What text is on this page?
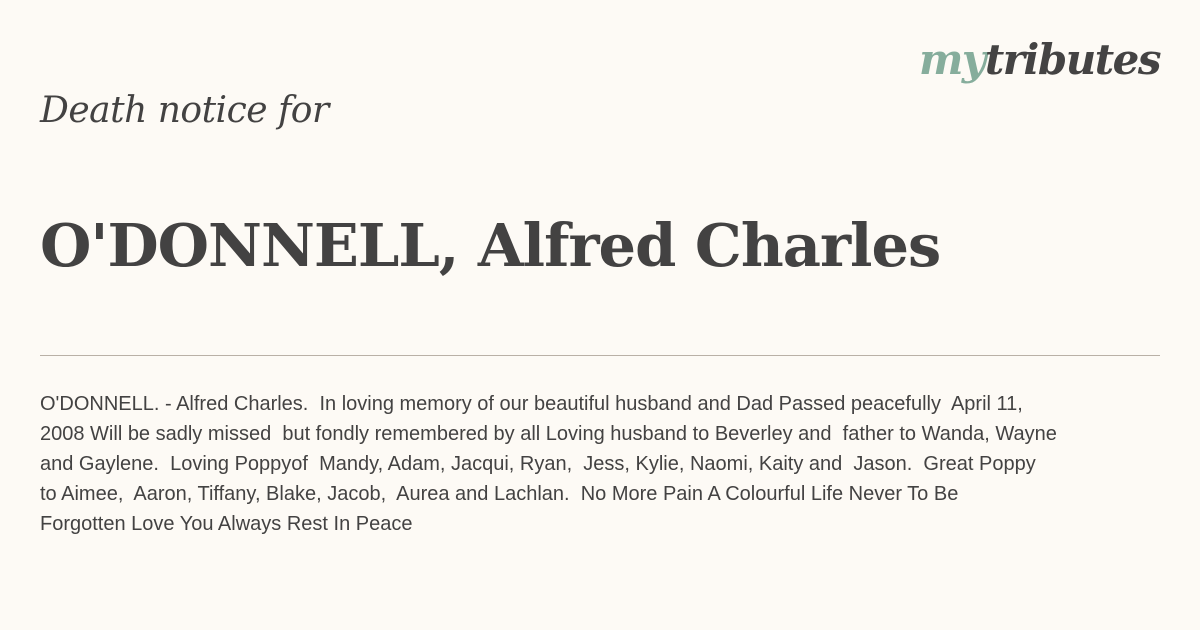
mytributes
Death notice for
O'DONNELL, Alfred Charles
O'DONNELL. - Alfred Charles.  In loving memory of our beautiful husband and Dad Passed peacefully  April 11,
2008 Will be sadly missed  but fondly remembered by all Loving husband to Beverley and  father to Wanda, Wayne
and Gaylene.  Loving Poppyof  Mandy, Adam, Jacqui, Ryan,  Jess, Kylie, Naomi, Kaity and  Jason.  Great Poppy
to Aimee,  Aaron, Tiffany, Blake, Jacob,  Aurea and Lachlan.  No More Pain A Colourful Life Never To Be
Forgotten Love You Always Rest In Peace
